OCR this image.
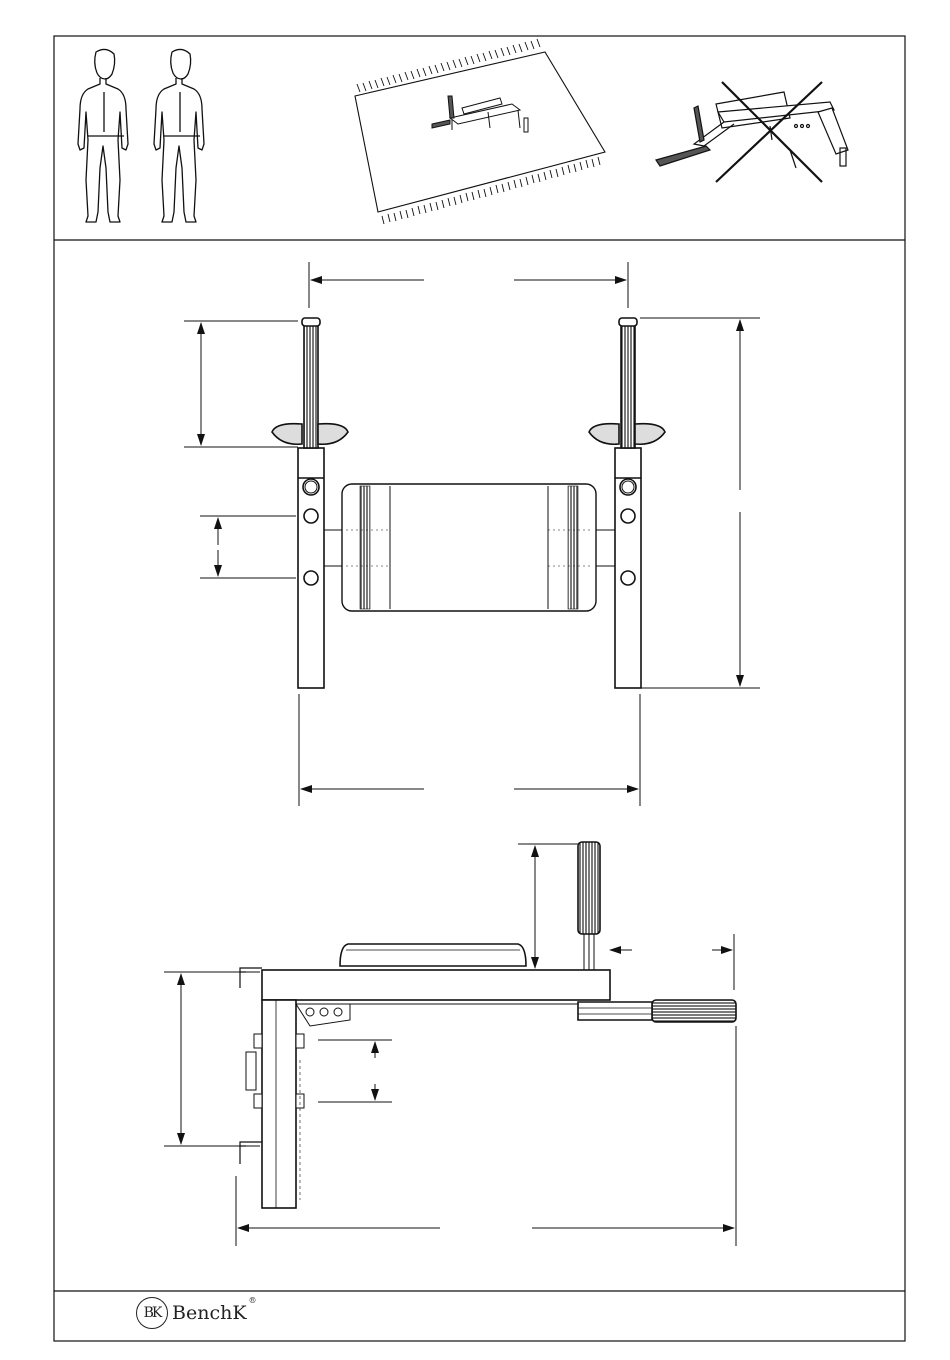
BK BenchK®
